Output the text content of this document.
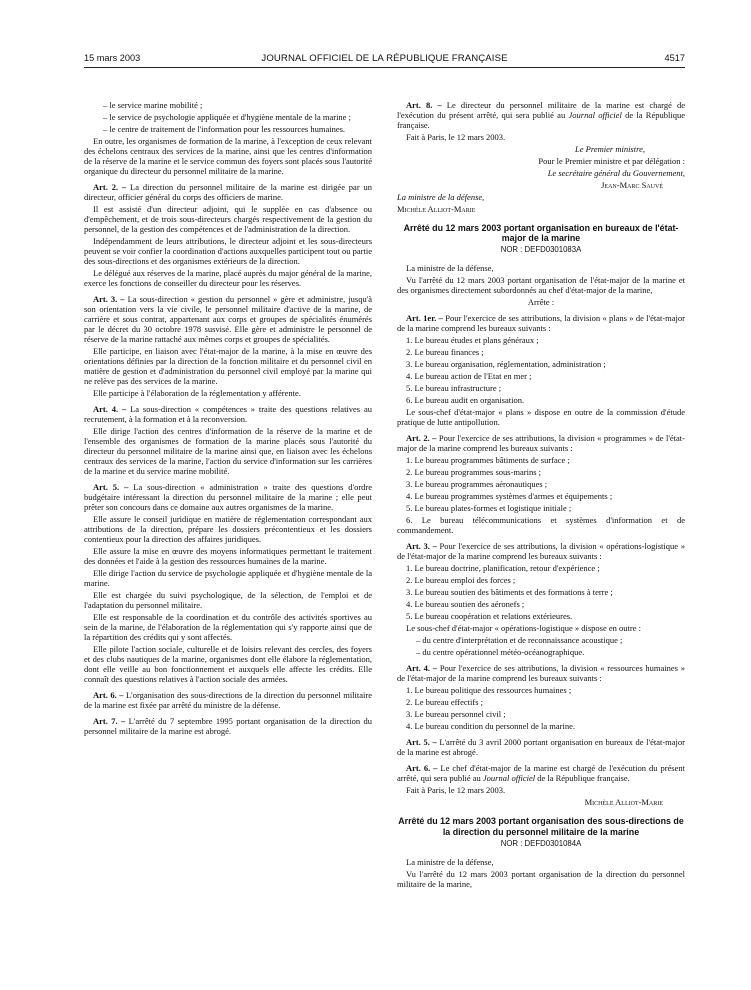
15 mars 2003	JOURNAL OFFICIEL DE LA RÉPUBLIQUE FRANÇAISE	4517

– le service marine mobilité ;

– le service de psychologie appliquée et d'hygiène mentale de la marine ;

– le centre de traitement de l'information pour les ressources humaines.

En outre, les organismes de formation de la marine, à l'exception de ceux relevant des échelons centraux des services de la marine, ainsi que les centres d'information de la réserve de la marine et le service commun des foyers sont placés sous l'autorité organique du directeur du personnel militaire de la marine.

Art. 2. – La direction du personnel militaire de la marine est dirigée par un directeur, officier général du corps des officiers de marine.

Il est assisté d'un directeur adjoint, qui le supplée en cas d'absence ou d'empêchement, et de trois sous-directeurs chargés respectivement de la gestion du personnel, de la gestion des compétences et de l'administration de la direction.

Indépendamment de leurs attributions, le directeur adjoint et les sous-directeurs peuvent se voir confier la coordination d'actions auxquelles participent tout ou partie des sous-directions et des organismes extérieurs de la direction.

Le délégué aux réserves de la marine, placé auprès du major général de la marine, exerce les fonctions de conseiller du directeur pour les réserves.

Art. 3. – La sous-direction « gestion du personnel » gère et administre, jusqu'à son orientation vers la vie civile, le personnel militaire d'active de la marine, de carrière et sous contrat, appartenant aux corps et groupes de spécialités énumérés par le décret du 30 octobre 1978 susvisé. Elle gère et administre le personnel de réserve de la marine rattaché aux mêmes corps et groupes de spécialités.

Elle participe, en liaison avec l'état-major de la marine, à la mise en œuvre des orientations définies par la direction de la fonction militaire et du personnel civil en matière de gestion et d'administration du personnel civil employé par la marine qui ne relève pas des services de la marine.

Elle participe à l'élaboration de la réglementation y afférente.

Art. 4. – La sous-direction « compétences » traite des questions relatives au recrutement, à la formation et à la reconversion.

Elle dirige l'action des centres d'information de la réserve de la marine et de l'ensemble des organismes de formation de la marine placés sous l'autorité du directeur du personnel militaire de la marine ainsi que, en liaison avec les échelons centraux des services de la marine, l'action du service d'information sur les carrières de la marine et du service marine mobilité.

Art. 5. – La sous-direction « administration » traite des questions d'ordre budgétaire intéressant la direction du personnel militaire de la marine ; elle peut prêter son concours dans ce domaine aux autres organismes de la marine.

Elle assure le conseil juridique en matière de réglementation correspondant aux attributions de la direction, prépare les dossiers précontentieux et les dossiers contentieux pour la direction des affaires juridiques.

Elle assure la mise en œuvre des moyens informatiques permettant le traitement des données et l'aide à la gestion des ressources humaines de la marine.

Elle dirige l'action du service de psychologie appliquée et d'hygiène mentale de la marine.

Elle est chargée du suivi psychologique, de la sélection, de l'emploi et de l'adaptation du personnel militaire.

Elle est responsable de la coordination et du contrôle des activités sportives au sein de la marine, de l'élaboration de la réglementation qui s'y rapporte ainsi que de la répartition des crédits qui y sont affectés.

Elle pilote l'action sociale, culturelle et de loisirs relevant des cercles, des foyers et des clubs nautiques de la marine, organismes dont elle élabore la réglementation, dont elle veille au bon fonctionnement et auxquels elle affecte les crédits. Elle connaît des questions relatives à l'action sociale des armées.

Art. 6. – L'organisation des sous-directions de la direction du personnel militaire de la marine est fixée par arrêté du ministre de la défense.

Art. 7. – L'arrêté du 7 septembre 1995 portant organisation de la direction du personnel militaire de la marine est abrogé.

Art. 8. – Le directeur du personnel militaire de la marine est chargé de l'exécution du présent arrêté, qui sera publié au Journal officiel de la République française.

Fait à Paris, le 12 mars 2003.

Le Premier ministre,

Pour le Premier ministre et par délégation :

Le secrétaire général du Gouvernement,

Jean-Marc Sauvé

La ministre de la défense,

Michèle Alliot-Marie

Arrêté du 12 mars 2003 portant organisation en bureaux de l'état-major de la marine
NOR : DEFD0301083A

La ministre de la défense,

Vu l'arrêté du 12 mars 2003 portant organisation de l'état-major de la marine et des organismes directement subordonnés au chef d'état-major de la marine,

Arrête :

Art. 1er. – Pour l'exercice de ses attributions, la division « plans » de l'état-major de la marine comprend les bureaux suivants :

1. Le bureau études et plans généraux ;

2. Le bureau finances ;

3. Le bureau organisation, réglementation, administration ;

4. Le bureau action de l'Etat en mer ;

5. Le bureau infrastructure ;

6. Le bureau audit en organisation.

Le sous-chef d'état-major « plans » dispose en outre de la commission d'étude pratique de lutte antipollution.

Art. 2. – Pour l'exercice de ses attributions, la division « programmes » de l'état-major de la marine comprend les bureaux suivants :

1. Le bureau programmes bâtiments de surface ;

2. Le bureau programmes sous-marins ;

3. Le bureau programmes aéronautiques ;

4. Le bureau programmes systèmes d'armes et équipements ;

5. Le bureau plates-formes et logistique initiale ;

6. Le bureau télécommunications et systèmes d'information et de commandement.

Art. 3. – Pour l'exercice de ses attributions, la division « opérations-logistique » de l'état-major de la marine comprend les bureaux suivants :

1. Le bureau doctrine, planification, retour d'expérience ;

2. Le bureau emploi des forces ;

3. Le bureau soutien des bâtiments et des formations à terre ;

4. Le bureau soutien des aéronefs ;

5. Le bureau coopération et relations extérieures.

Le sous-chef d'état-major « opérations-logistique » dispose en outre :

– du centre d'interprétation et de reconnaissance acoustique ;

– du centre opérationnel météo-océanographique.

Art. 4. – Pour l'exercice de ses attributions, la division « ressources humaines » de l'état-major de la marine comprend les bureaux suivants :

1. Le bureau politique des ressources humaines ;

2. Le bureau effectifs ;

3. Le bureau personnel civil ;

4. Le bureau condition du personnel de la marine.

Art. 5. – L'arrêté du 3 avril 2000 portant organisation en bureaux de l'état-major de la marine est abrogé.

Art. 6. – Le chef d'état-major de la marine est chargé de l'exécution du présent arrêté, qui sera publié au Journal officiel de la République française.

Fait à Paris, le 12 mars 2003.

Michèle Alliot-Marie

Arrêté du 12 mars 2003 portant organisation des sous-directions de la direction du personnel militaire de la marine
NOR : DEFD0301084A

La ministre de la défense,

Vu l'arrêté du 12 mars 2003 portant organisation de la direction du personnel militaire de la marine,
